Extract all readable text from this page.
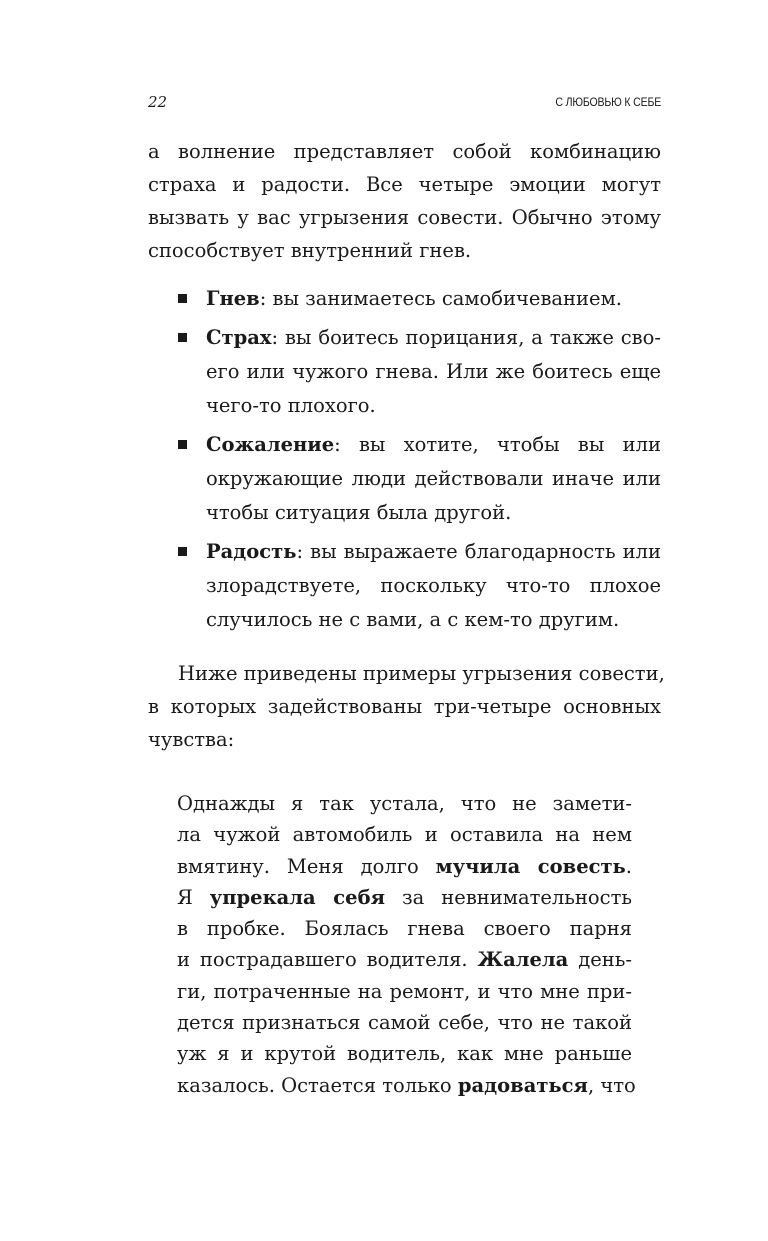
22	С ЛЮБОВЬЮ К СЕБЕ
а волнение представляет собой комбинацию
страха и радости. Все четыре эмоции могут
вызвать у вас угрызения совести. Обычно этому
способствует внутренний гнев.
Гнев: вы занимаетесь самобичеванием.
Страх: вы боитесь порицания, а также сво-
его или чужого гнева. Или же боитесь еще
чего-то плохого.
Сожаление: вы хотите, чтобы вы или
окружающие люди действовали иначе или
чтобы ситуация была другой.
Радость: вы выражаете благодарность или
злорадствуете, поскольку что-то плохое
случилось не с вами, а с кем-то другим.
Ниже приведены примеры угрызения совести,
в которых задействованы три-четыре основных
чувства:
Однажды я так устала, что не замети-
ла чужой автомобиль и оставила на нем
вмятину. Меня долго мучила совесть.
Я упрекала себя за невнимательность
в пробке. Боялась гнева своего парня
и пострадавшего водителя. Жалела день-
ги, потраченные на ремонт, и что мне при-
дется признаться самой себе, что не такой
уж я и крутой водитель, как мне раньше
казалось. Остается только радоваться, что
